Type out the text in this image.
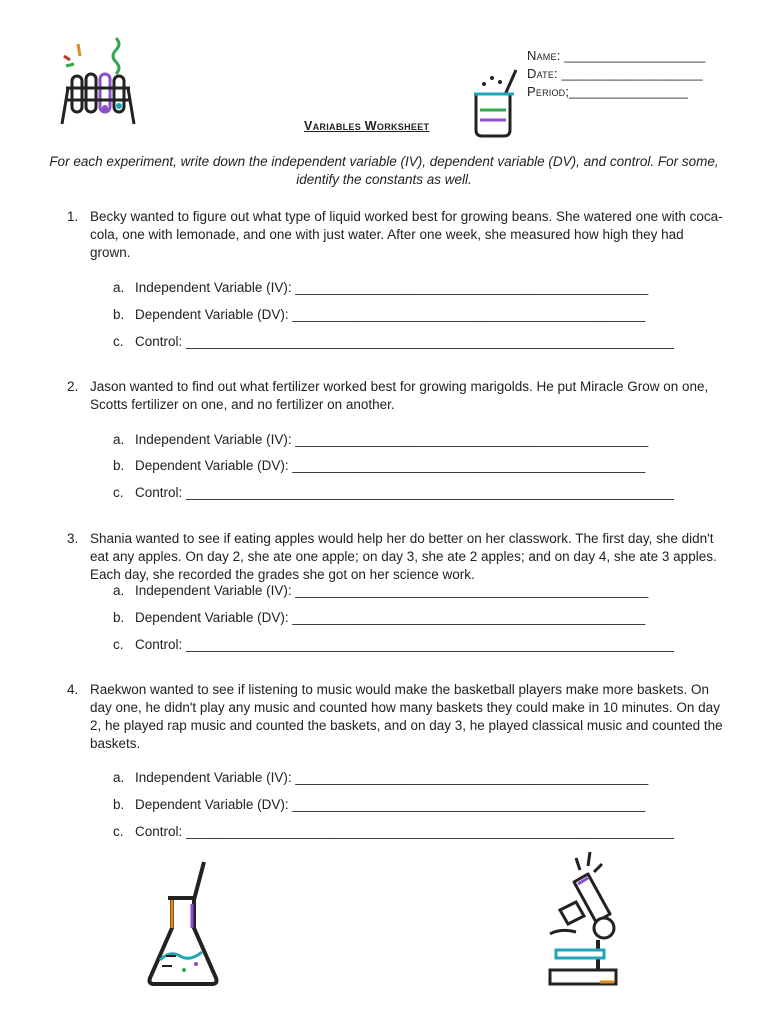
Name: ___________________
Date: ___________________
Period;________________
Variables Worksheet
For each experiment, write down the independent variable (IV), dependent variable (DV), and control. For some, identify the constants as well.
1. Becky wanted to figure out what type of liquid worked best for growing beans. She watered one with coca-cola, one with lemonade, and one with just water. After one week, she measured how high they had grown.
a. Independent Variable (IV): _______________________________________________
b. Dependent Variable (DV): _______________________________________________
c. Control: _________________________________________________________________
2. Jason wanted to find out what fertilizer worked best for growing marigolds. He put Miracle Grow on one, Scotts fertilizer on one, and no fertilizer on another.
a. Independent Variable (IV): _______________________________________________
b. Dependent Variable (DV): _______________________________________________
c. Control: _________________________________________________________________
3. Shania wanted to see if eating apples would help her do better on her classwork. The first day, she didn't eat any apples. On day 2, she ate one apple; on day 3, she ate 2 apples; and on day 4, she ate 3 apples. Each day, she recorded the grades she got on her science work.
a. Independent Variable (IV): _______________________________________________
b. Dependent Variable (DV): _______________________________________________
c. Control: _________________________________________________________________
4. Raekwon wanted to see if listening to music would make the basketball players make more baskets. On day one, he didn't play any music and counted how many baskets they could make in 10 minutes. On day 2, he played rap music and counted the baskets, and on day 3, he played classical music and counted the baskets.
a. Independent Variable (IV): _______________________________________________
b. Dependent Variable (DV): _______________________________________________
c. Control: _________________________________________________________________
